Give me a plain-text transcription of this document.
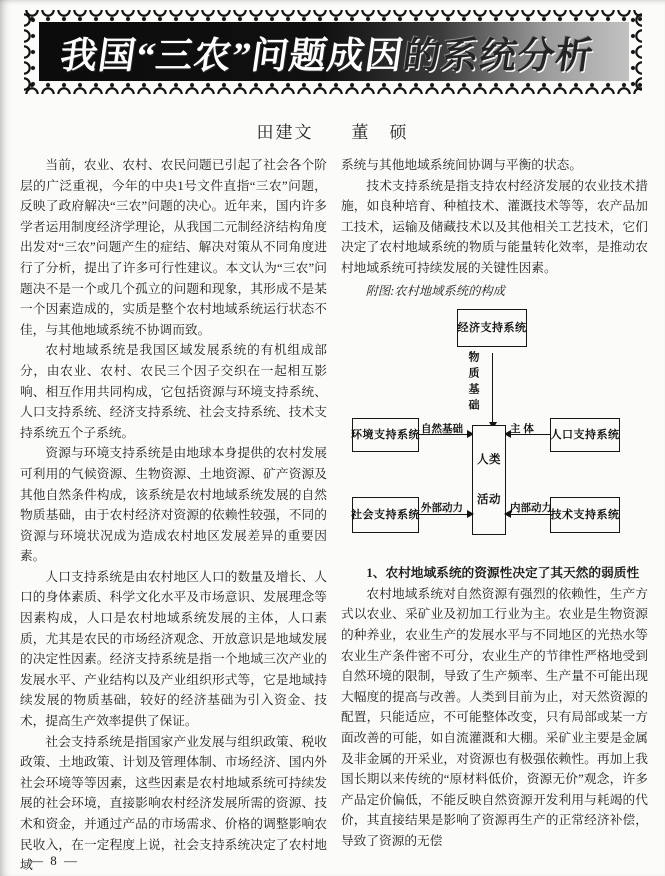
我国“三农”问题成因的系统分析
田建文　　董　硕

当前，农业、农村、农民问题已引起了社会各个阶层的广泛重视，今年的中央1号文件直指“三农”问题，反映了政府解决“三农”问题的决心。近年来，国内许多学者运用制度经济学理论，从我国二元制经济结构角度出发对“三农”问题产生的症结、解决对策从不同角度进行了分析，提出了许多可行性建议。本文认为“三农”问题决不是一个或几个孤立的问题和现象，其形成不是某一个因素造成的，实质是整个农村地域系统运行状态不佳，与其他地域系统不协调而致。

农村地域系统是我国区域发展系统的有机组成部分，由农业、农村、农民三个因子交织在一起相互影响、相互作用共同构成，它包括资源与环境支持系统、人口支持系统、经济支持系统、社会支持系统、技术支持系统五个子系统。

资源与环境支持系统是由地球本身提供的农村发展可利用的气候资源、生物资源、土地资源、矿产资源及其他自然条件构成，该系统是农村地域系统发展的自然物质基础，由于农村经济对资源的依赖性较强，不同的资源与环境状况成为造成农村地区发展差异的重要因素。

人口支持系统是由农村地区人口的数量及增长、人口的身体素质、科学文化水平及市场意识、发展理念等因素构成，人口是农村地域系统发展的主体，人口素质，尤其是农民的市场经济观念、开放意识是地域发展的决定性因素。经济支持系统是指一个地域三次产业的发展水平、产业结构以及产业组织形式等，它是地域持续发展的物质基础，较好的经济基础为引入资金、技术，提高生产效率提供了保证。

社会支持系统是指国家产业发展与组织政策、税收政策、土地政策、计划及管理体制、市场经济、国内外社会环境等等因素，这些因素是农村地域系统可持续发展的社会环境，直接影响农村经济发展所需的资源、技术和资金，并通过产品的市场需求、价格的调整影响农民收入，在一定程度上说，社会支持系统决定了农村地域

系统与其他地域系统间协调与平衡的状态。

技术支持系统是指支持农村经济发展的农业技术措施，如良种培育、种植技术、灌溉技术等等，农产品加工技术，运输及储藏技术以及其他相关工艺技术，它们决定了农村地域系统的物质与能量转化效率，是推动农村地域系统可持续发展的关键性因素。

附图:农村地域系统的构成

经济支持系统
物质基础
环境支持系统 自然基础	人口支持系统
主 体
人类
活动
社会支持系统
外部动力
技术支持系统
内部动力

1、农村地域系统的资源性决定了其天然的弱质性

农村地域系统对自然资源有强烈的依赖性，生产方式以农业、采矿业及初加工行业为主。农业是生物资源的种养业，农业生产的发展水平与不同地区的光热水等农业生产条件密不可分，农业生产的节律性严格地受到自然环境的限制，导致了生产频率、生产量不可能出现大幅度的提高与改善。人类到目前为止，对天然资源的配置，只能适应，不可能整体改变，只有局部或某一方面改善的可能，如自流灌溉和大棚。采矿业主要是金属及非金属的开采业，对资源也有极强依赖性。再加上我国长期以来传统的“原材料低价，资源无价”观念，许多产品定价偏低，不能反映自然资源开发利用与耗竭的代价，其直接结果是影响了资源再生产的正常经济补偿，导致了资源的无偿

— 8 —
